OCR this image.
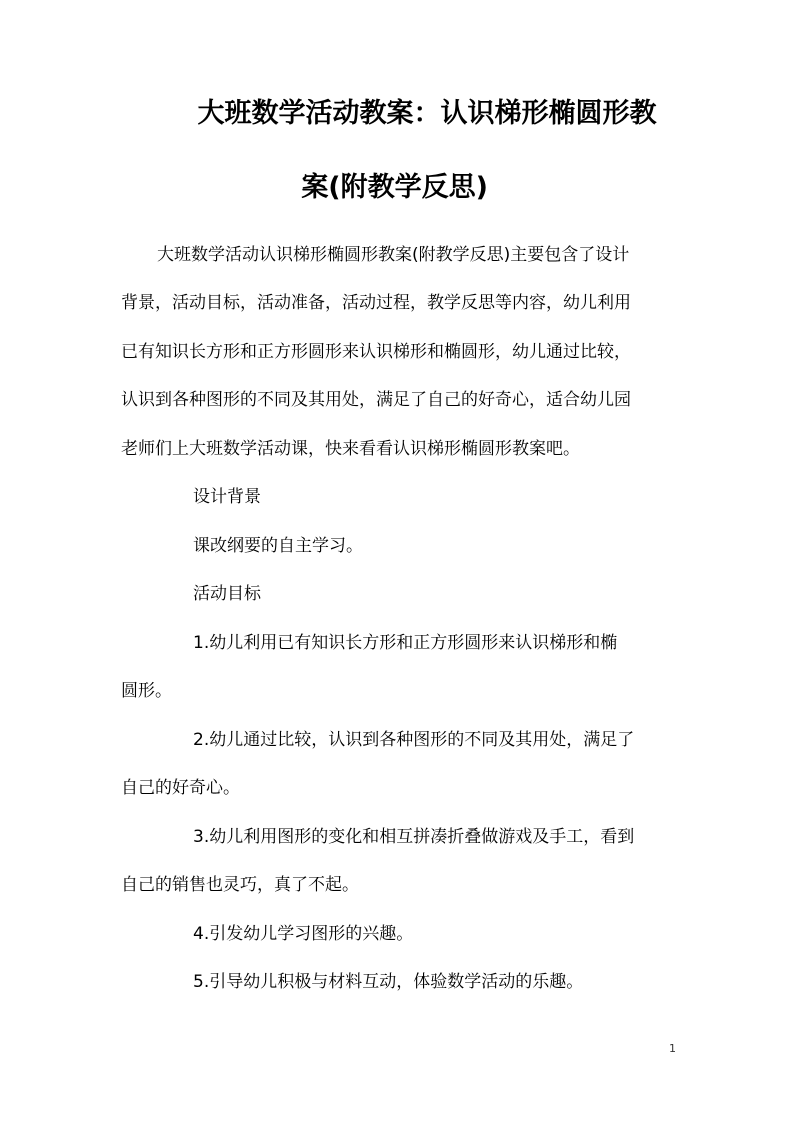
大班数学活动教案：认识梯形椭圆形教
案(附教学反思)
大班数学活动认识梯形椭圆形教案(附教学反思)主要包含了设计
背景，活动目标，活动准备，活动过程，教学反思等内容，幼儿利用
已有知识长方形和正方形圆形来认识梯形和椭圆形，幼儿通过比较，
认识到各种图形的不同及其用处，满足了自己的好奇心，适合幼儿园
老师们上大班数学活动课，快来看看认识梯形椭圆形教案吧。
设计背景
课改纲要的自主学习。
活动目标
1.幼儿利用已有知识长方形和正方形圆形来认识梯形和椭
圆形。
2.幼儿通过比较，认识到各种图形的不同及其用处，满足了
自己的好奇心。
3.幼儿利用图形的变化和相互拼凑折叠做游戏及手工，看到
自己的销售也灵巧，真了不起。
4.引发幼儿学习图形的兴趣。
5.引导幼儿积极与材料互动，体验数学活动的乐趣。
1
